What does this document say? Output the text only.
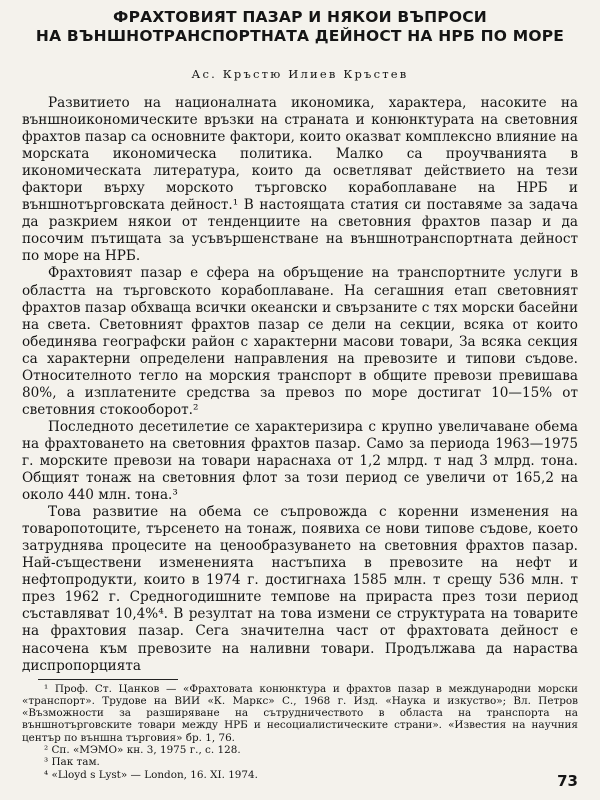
ФРАХТОВИЯТ ПАЗАР И НЯКОИ ВЪПРОСИ
НА ВЪНШНОТРАНСПОРТНАТА ДЕЙНОСТ НА НРБ ПО МОРЕ
Ас. Кръстю Илиев Кръстев

Развитието на националната икономика, характера, насоките на външноикономическите връзки на страната и конюнктурата на световния фрахтов пазар са основните фактори, които оказват комплексно влияние на морската икономическа политика. Малко са проучванията в икономическата литература, които да осветляват действието на тези фактори върху морското търговско корабоплаване на НРБ и външнотърговската дейност.¹ В настоящата статия си поставяме за задача да разкрием някои от тенденциите на световния фрахтов пазар и да посочим пътищата за усъвършенстване на външнотранспортната дейност по море на НРБ.

Фрахтовият пазар е сфера на обръщение на транспортните услуги в областта на търговското корабоплаване. На сегашния етап световният фрахтов пазар обхваща всички океански и свързаните с тях морски басейни на света. Световният фрахтов пазар се дели на секции, всяка от които обединява географски район с характерни масови товари, За всяка секция са характерни определени направления на превозите и типови съдове. Относителното тегло на морския транспорт в общите превози превишава 80%, а изплатените средства за превоз по море достигат 10—15% от световния стокооборот.²

Последното десетилетие се характеризира с крупно увеличаване обема на фрахтоването на световния фрахтов пазар. Само за периода 1963—1975 г. морските превози на товари нараснаха от 1,2 млрд. т над 3 млрд. тона. Общият тонаж на световния флот за този период се увеличи от 165,2 на около 440 млн. тона.³

Това развитие на обема се съпровожда с коренни изменения на товаропотоците, търсенето на тонаж, появиха се нови типове съдове, което затруднява процесите на ценообразуването на световния фрахтов пазар. Най-съществени измененията настъпиха в превозите на нефт и нефтопродукти, които в 1974 г. достигнаха 1585 млн. т срещу 536 млн. т през 1962 г. Средногодишните темпове на прираста през този период съставляват 10,4%⁴. В резултат на това измени се структурата на товарите на фрахтовия пазар. Сега значителна част от фрахтовата дейност е насочена към превозите на наливни товари. Продължава да нараства диспропорцията

¹ Проф. Ст. Цанков — «Фрахтовата конюнктура и фрахтов пазар в международни морски «транспорт». Трудове на ВИИ «К. Маркс» С., 1968 г. Изд. «Наука и изкуство»; Вл. Петров «Възможности за разширяване на сътрудничеството в областа на транспорта на външнотърговските товари между НРБ и несоциалистическите страни». «Известия на научния център по външна търговия» бр. 1, 76.

² Сп. «МЭМО» кн. 3, 1975 г., с. 128.

³ Пак там.

⁴ «Lloyd s Lyst» — London, 16. XI. 1974.	73
